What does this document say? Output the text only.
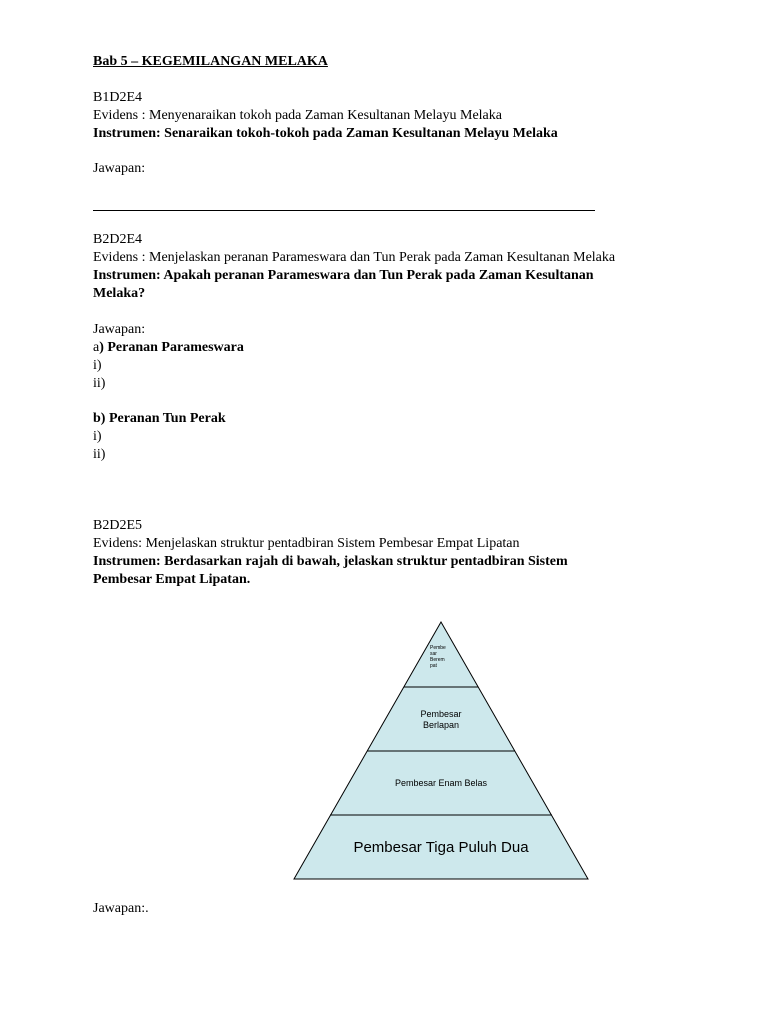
Bab 5 – KEGEMILANGAN MELAKA
B1D2E4
Evidens : Menyenaraikan tokoh pada Zaman Kesultanan Melayu Melaka
Instrumen: Senaraikan tokoh-tokoh pada Zaman Kesultanan Melayu Melaka
Jawapan:
B2D2E4
Evidens : Menjelaskan peranan Parameswara dan Tun Perak pada Zaman Kesultanan Melaka
Instrumen: Apakah peranan Parameswara dan Tun Perak pada Zaman Kesultanan
Melaka?
Jawapan:
a) Peranan Parameswara
i)
ii)
b) Peranan Tun Perak
i)
ii)
B2D2E5
Evidens: Menjelaskan struktur pentadbiran Sistem Pembesar Empat Lipatan
Instrumen: Berdasarkan rajah di bawah, jelaskan struktur pentadbiran Sistem
Pembesar Empat Lipatan.
Pembe
sar
Berem
pat
Pembesar
Berlapan
Pembesar Enam Belas
Pembesar Tiga Puluh Dua
Jawapan:.
